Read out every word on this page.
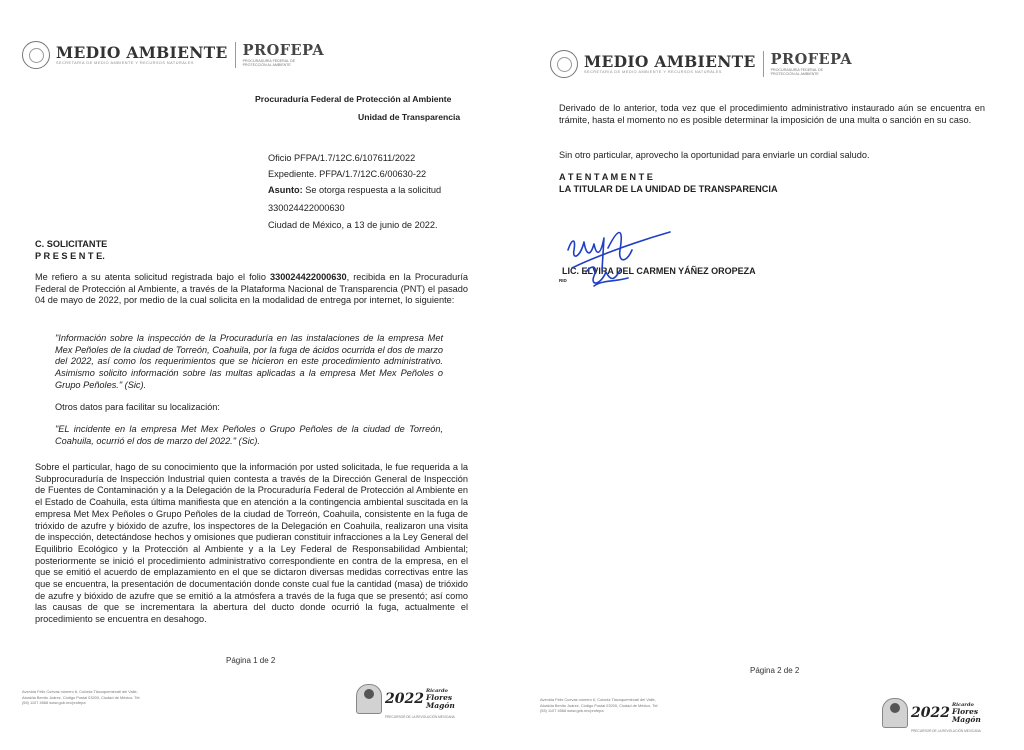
MEDIO AMBIENTE
SECRETARÍA DE MEDIO AMBIENTE Y RECURSOS NATURALES
PROFEPA
PROCURADURÍA FEDERAL DE PROTECCIÓN AL AMBIENTE
Procuraduría Federal de Protección al Ambiente
Unidad de Transparencia
Oficio PFPA/1.7/12C.6/107611/2022
Expediente. PFPA/1.7/12C.6/00630-22
Asunto: Se otorga respuesta a la solicitud
330024422000630
Ciudad de México, a 13 de junio de 2022.
C. SOLICITANTE
P R E S E N T E.
Me refiero a su atenta solicitud registrada bajo el folio 330024422000630, recibida en la Procuraduría Federal de Protección al Ambiente, a través de la Plataforma Nacional de Transparencia (PNT) el pasado 04 de mayo de 2022, por medio de la cual solicita en la modalidad de entrega por internet, lo siguiente:
"Información sobre la inspección de la Procuraduría en las instalaciones de la empresa Met Mex Peñoles de la ciudad de Torreón, Coahuila, por la fuga de ácidos ocurrida el dos de marzo del 2022, así como los requerimientos que se hicieron en este procedimiento administrativo. Asimismo solicito información sobre las multas aplicadas a la empresa Met Mex Peñoles o Grupo Peñoles." (Sic).
Otros datos para facilitar su localización:
"EL incidente en la empresa Met Mex Peñoles o Grupo Peñoles de la ciudad de Torreón, Coahuila, ocurrió el dos de marzo del 2022." (Sic).
Sobre el particular, hago de su conocimiento que la información por usted solicitada, le fue requerida a la Subprocuraduría de Inspección Industrial quien contesta a través de la Dirección General de Inspección de Fuentes de Contaminación y a la Delegación de la Procuraduría Federal de Protección al Ambiente en el Estado de Coahuila, esta última manifiesta que en atención a la contingencia ambiental suscitada en la empresa Met Mex Peñoles o Grupo Peñoles de la ciudad de Torreón, Coahuila, consistente en la fuga de trióxido de azufre y bióxido de azufre, los inspectores de la Delegación en Coahuila, realizaron una visita de inspección, detectándose hechos y omisiones que pudieran constituir infracciones a la Ley General del Equilibrio Ecológico y la Protección al Ambiente y a la Ley Federal de Responsabilidad Ambiental; posteriormente se inició el procedimiento administrativo correspondiente en contra de la empresa, en el que se emitió el acuerdo de emplazamiento en el que se dictaron diversas medidas correctivas entre las que se encuentra, la presentación de documentación donde conste cual fue la cantidad (masa) de trióxido de azufre y bióxido de azufre que se emitió a la atmósfera a través de la fuga que se presentó; así como las causas de que se incrementara la abertura del ducto donde ocurrió la fuga, actualmente el procedimiento se encuentra en desahogo.
Página 1 de 2
Avenida Félix Cuevas número 6, Colonia Tlacoquemécatl del Valle, Alcaldía Benito Juárez, Código Postal 03200, Ciudad de México. Tel: (55) 1107 4566 www.gob.mx/profepa	2022 Ricardo
Flores
Magón
PRECURSOR DE LA REVOLUCIÓN MEXICANA
MEDIO AMBIENTE
SECRETARÍA DE MEDIO AMBIENTE Y RECURSOS NATURALES
PROFEPA
PROCURADURÍA FEDERAL DE PROTECCIÓN AL AMBIENTE
Derivado de lo anterior, toda vez que el procedimiento administrativo instaurado aún se encuentra en trámite, hasta el momento no es posible determinar la imposición de una multa o sanción en su caso.
Sin otro particular, aprovecho la oportunidad para enviarle un cordial saludo.
A T E N T A M E N T E
LA TITULAR DE LA UNIDAD DE TRANSPARENCIA
LIC. ELVIRA DEL CARMEN YÁÑEZ OROPEZA
RID
Página 2 de 2
Avenida Félix Cuevas número 6, Colonia Tlacoquemécatl del Valle, Alcaldía Benito Juárez, Código Postal 03200, Ciudad de México. Tel: (55) 1107 4566 www.gob.mx/profepa	2022 Ricardo
Flores
Magón
PRECURSOR DE LA REVOLUCIÓN MEXICANA
